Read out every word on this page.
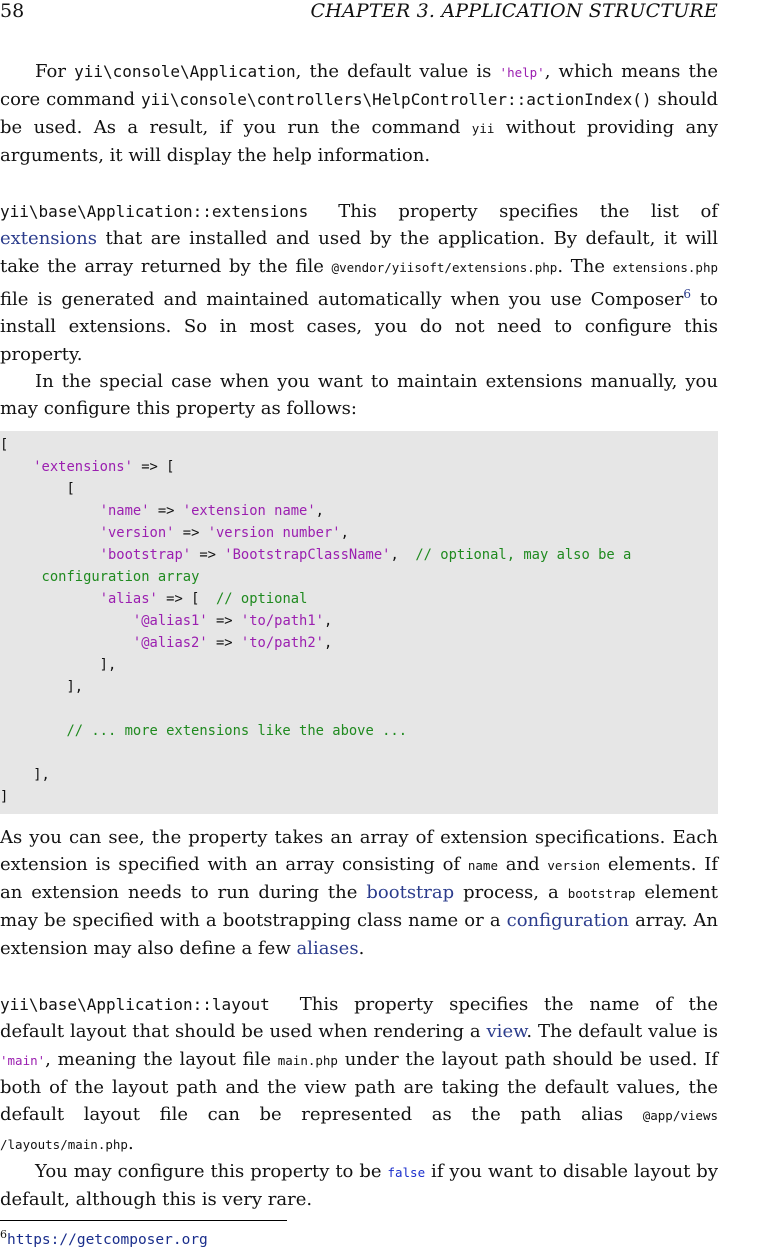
58	CHAPTER 3. APPLICATION STRUCTURE

For yii\console\Application, the default value is 'help', which means the core command yii\console\controllers\HelpController::actionIndex() should be used. As a result, if you run the command yii without providing any arguments, it will display the help information.

yii\base\Application::extensions This property specifies the list of extensions that are installed and used by the application. By default, it will take the array returned by the file @vendor/yiisoft/extensions.php. The extensions.php file is generated and maintained automatically when you use Composer$^6$ to install extensions. So in most cases, you do not need to configure this property.

In the special case when you want to maintain extensions manually, you may configure this property as follows:

[
'extensions' => [
[
'name' => 'extension name',
'version' => 'version number',
'bootstrap' => 'BootstrapClassName',  // optional, may also be a
configuration array
'alias' => [  // optional
'@alias1' => 'to/path1',
'@alias2' => 'to/path2',
],
],

// ... more extensions like the above ...

],
]

As you can see, the property takes an array of extension specifications. Each extension is specified with an array consisting of name and version elements. If an extension needs to run during the bootstrap process, a bootstrap element may be specified with a bootstrapping class name or a configuration array. An extension may also define a few aliases.

yii\base\Application::layout This property specifies the name of the default layout that should be used when rendering a view. The default value is 'main', meaning the layout file main.php under the layout path should be used. If both of the layout path and the view path are taking the default values, the default layout file can be represented as the path alias @app/views /layouts/main.php.

You may configure this property to be false if you want to disable layout by default, although this is very rare.

$^6$https://getcomposer.org
